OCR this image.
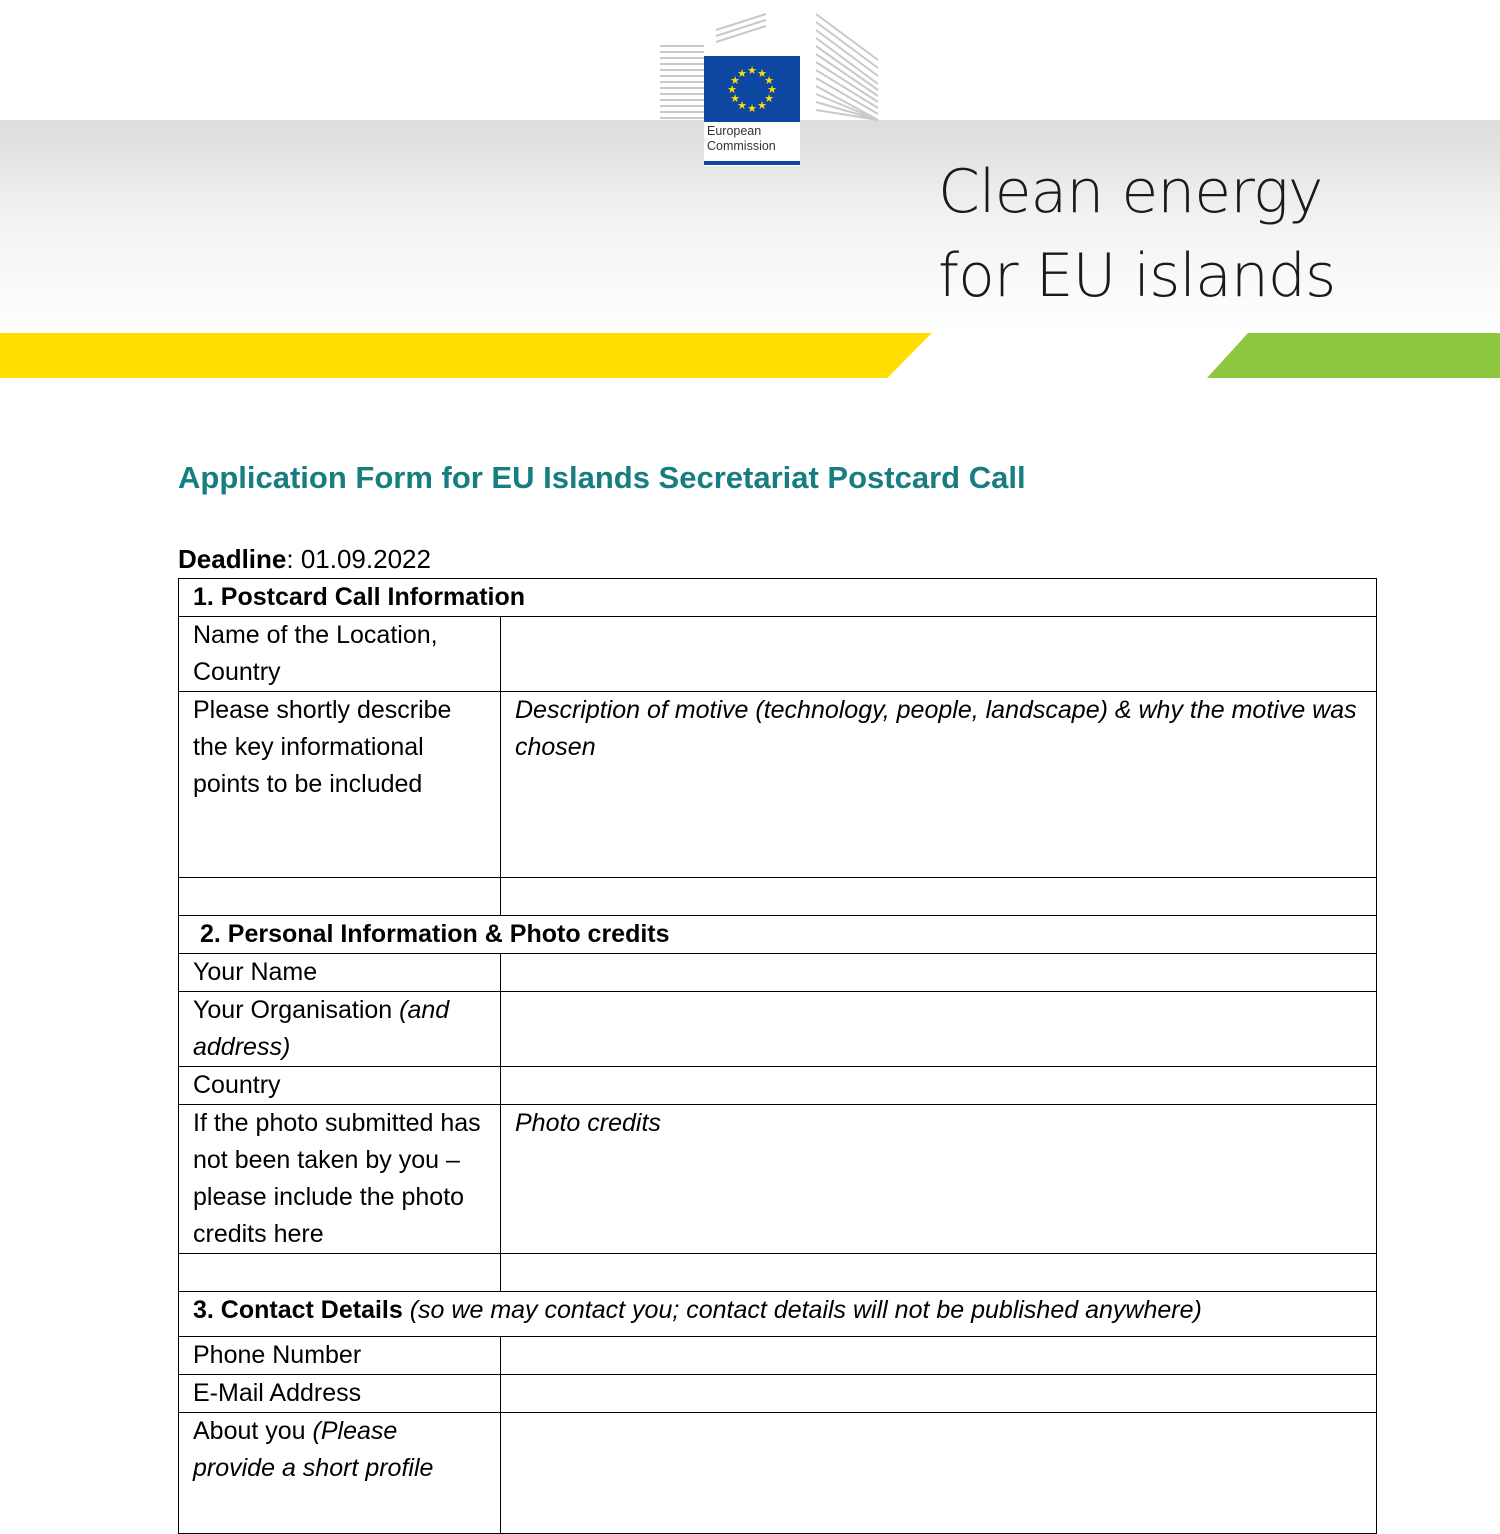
★ ★
★
★
★
★
★
★
★
★
★
★
European
Commission
Clean energy
for EU islands
Application Form for EU Islands Secretariat Postcard Call
Deadline: 01.09.2022
1. Postcard Call Information	
Name of the Location, Country	
Please shortly describe the key informational points to be included	Description of motive (technology, people, landscape) & why the motive was chosen

2. Personal Information & Photo credits	
Your Name	
Your Organisation (and address)	
Country	
If the photo submitted has not been taken by you – please include the photo credits here	Photo credits

3. Contact Details (so we may contact you; contact details will not be published anywhere)	
Phone Number	
E-Mail Address	
About you (Please provide a short profile	
